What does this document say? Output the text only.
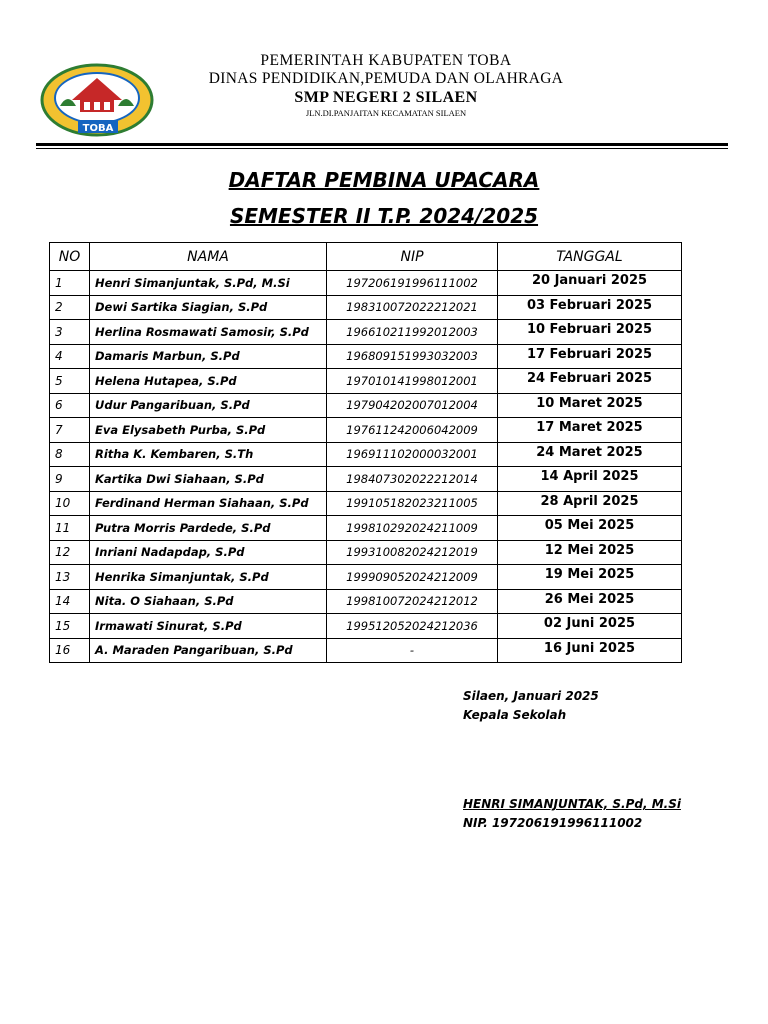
TOBA
PEMERINTAH KABUPATEN TOBA
DINAS PENDIDIKAN,PEMUDA DAN OLAHRAGA
SMP NEGERI 2 SILAEN
JLN.DI.PANJAITAN KECAMATAN SILAEN
DAFTAR PEMBINA UPACARA
SEMESTER II T.P. 2024/2025
NO	NAMA	NIP	TANGGAL
1	Henri Simanjuntak, S.Pd, M.Si	197206191996111002	20 Januari 2025
2	Dewi Sartika Siagian, S.Pd	198310072022212021	03 Februari 2025
3	Herlina Rosmawati Samosir, S.Pd	196610211992012003	10 Februari 2025
4	Damaris Marbun, S.Pd	196809151993032003	17 Februari 2025
5	Helena Hutapea, S.Pd	197010141998012001	24 Februari 2025
6	Udur Pangaribuan, S.Pd	197904202007012004	10 Maret 2025
7	Eva Elysabeth Purba, S.Pd	197611242006042009	17 Maret 2025
8	Ritha K. Kembaren, S.Th	196911102000032001	24 Maret 2025
9	Kartika Dwi Siahaan, S.Pd	198407302022212014	14 April 2025
10	Ferdinand Herman Siahaan, S.Pd	199105182023211005	28 April 2025
11	Putra Morris Pardede, S.Pd	199810292024211009	05 Mei 2025
12	Inriani Nadapdap, S.Pd	199310082024212019	12 Mei 2025
13	Henrika Simanjuntak, S.Pd	199909052024212009	19 Mei 2025
14	Nita. O Siahaan, S.Pd	199810072024212012	26 Mei 2025
15	Irmawati Sinurat, S.Pd	199512052024212036	02 Juni 2025
16	A. Maraden Pangaribuan, S.Pd	-	16 Juni 2025
Silaen, Januari 2025
Kepala Sekolah
HENRI SIMANJUNTAK, S.Pd, M.Si
NIP. 197206191996111002
